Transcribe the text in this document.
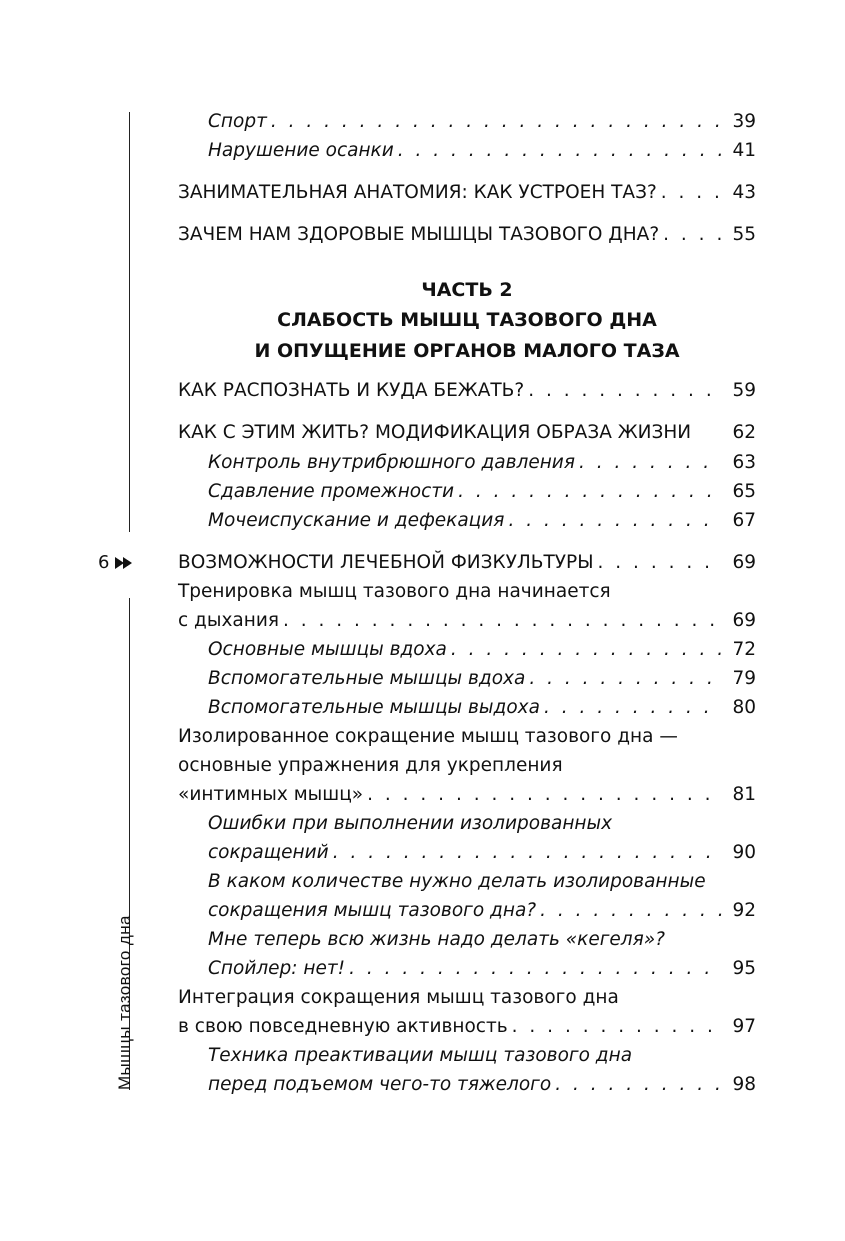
6
Мышцы тазового дна
Спорт . . .	39
Нарушение осанки . . .	41
ЗАНИМАТЕЛЬНАЯ АНАТОМИЯ: КАК УСТРОЕН ТАЗ? . . .	43
ЗАЧЕМ НАМ ЗДОРОВЫЕ МЫШЦЫ ТАЗОВОГО ДНА? . . .	55
ЧАСТЬ 2
СЛАБОСТЬ МЫШЦ ТАЗОВОГО ДНА
И ОПУЩЕНИЕ ОРГАНОВ МАЛОГО ТАЗА
КАК РАСПОЗНАТЬ И КУДА БЕЖАТЬ? . . .	59
КАК С ЭТИМ ЖИТЬ? МОДИФИКАЦИЯ ОБРАЗА ЖИЗНИ 62
Контроль внутрибрюшного давления . . .	63
Сдавление промежности . . .	65
Мочеиспускание и дефекация . . .	67
ВОЗМОЖНОСТИ ЛЕЧЕБНОЙ ФИЗКУЛЬТУРЫ . . .	69
Тренировка мышц тазового дна начинается
с дыхания . . .	69
Основные мышцы вдоха . . .	72
Вспомогательные мышцы вдоха . . .	79
Вспомогательные мышцы выдоха . . .	80
Изолированное сокращение мышц тазового дна —
основные упражнения для укрепления
«интимных мышц» . . .	81
Ошибки при выполнении изолированных
сокращений . . .	90
В каком количестве нужно делать изолированные
сокращения мышц тазового дна? . . .	92
Мне теперь всю жизнь надо делать «кегеля»?
Спойлер: нет! . . .	95
Интеграция сокращения мышц тазового дна
в свою повседневную активность . . .	97
Техника преактивации мышц тазового дна
перед подъемом чего-то тяжелого . . .	98
